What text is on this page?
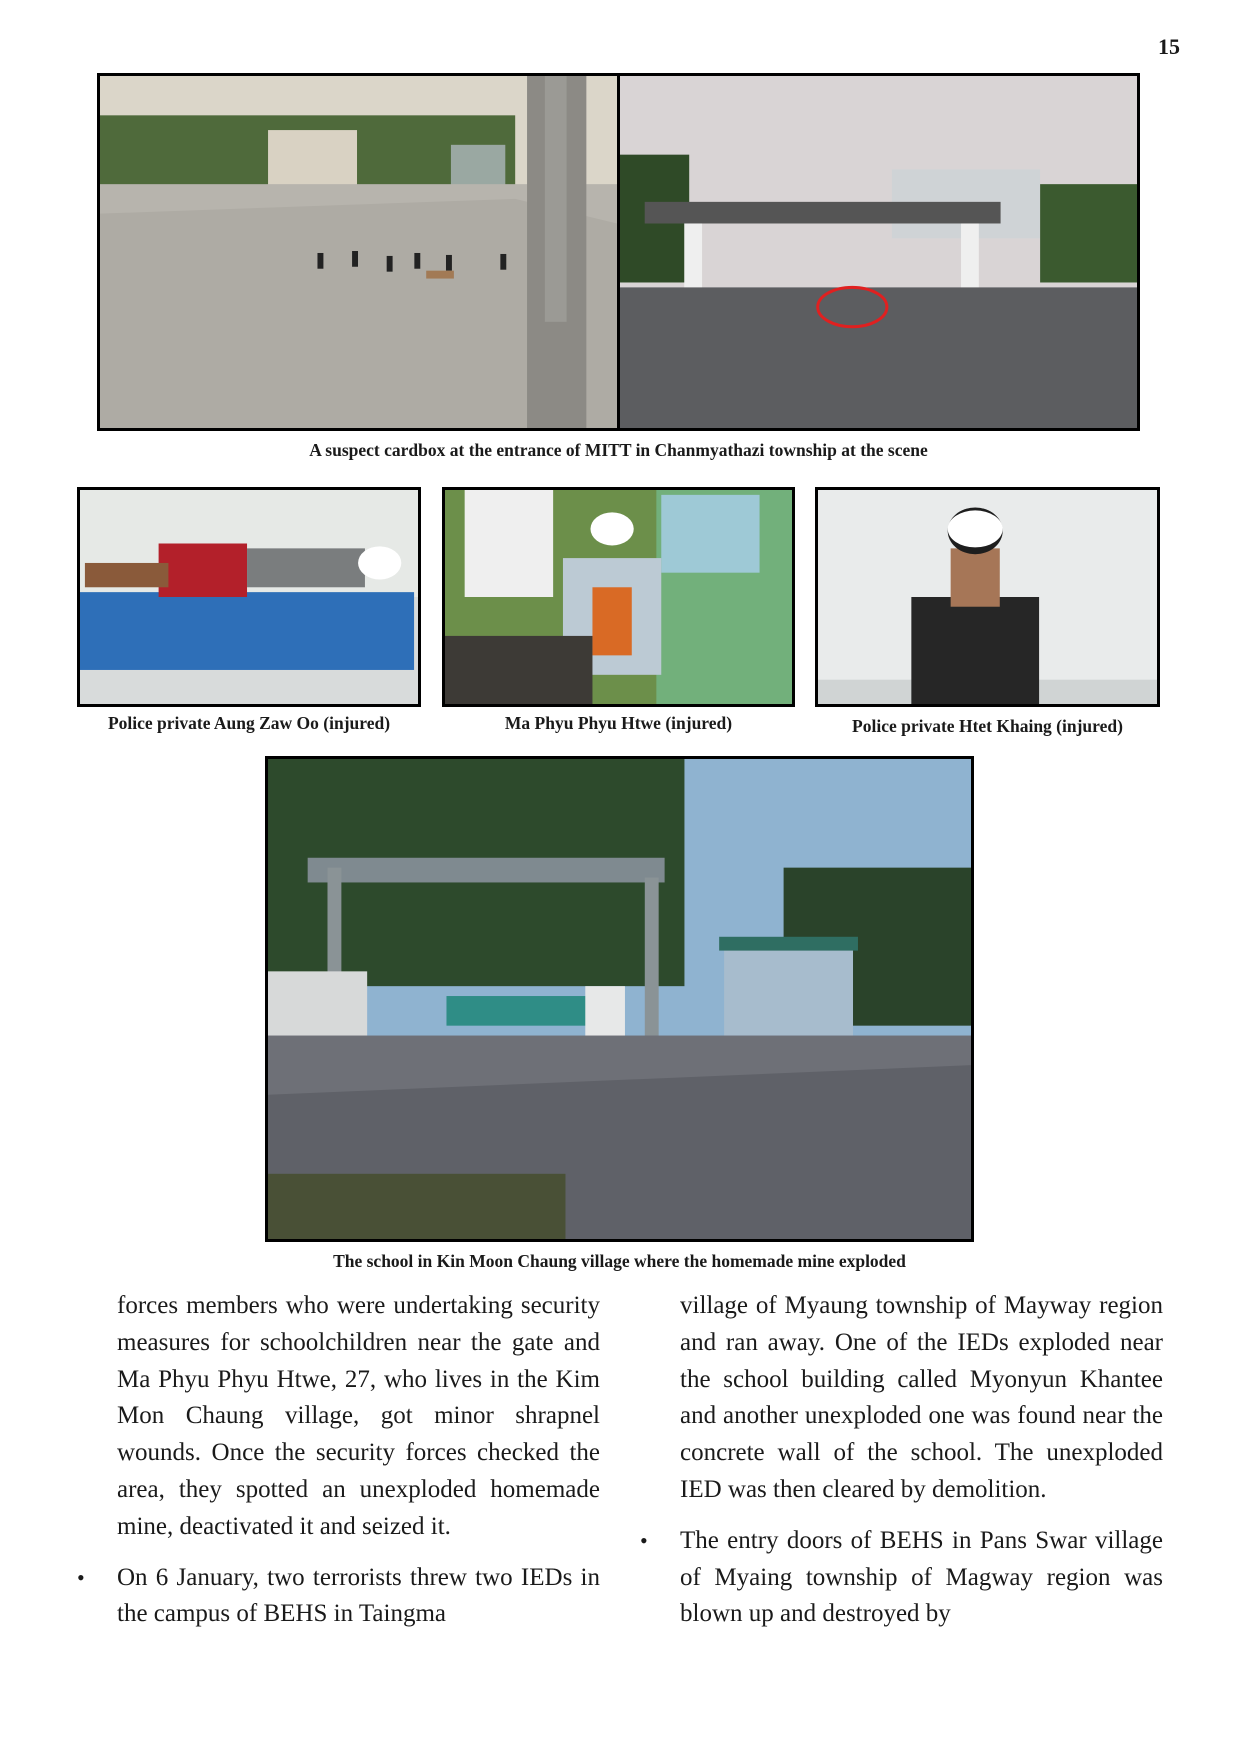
15
A suspect cardbox at the entrance of MITT in Chanmyathazi township at the scene
Police private Aung Zaw Oo (injured)	Ma Phyu Phyu Htwe (injured)	Police private Htet Khaing (injured)
The school in Kin Moon Chaung village where the homemade mine exploded

forces members who were undertaking security measures for schoolchildren near the gate and Ma Phyu Phyu Htwe, 27, who lives in the Kim Mon Chaung village, got minor shrapnel wounds. Once the security forces checked the area, they spotted an unexploded homemade mine, deactivated it and seized it.

• On 6 January, two terrorists threw two IEDs in the campus of BEHS in Taingma

village of Myaung township of Mayway region and ran away. One of the IEDs exploded near the school building called Myonyun Khantee and another unexploded one was found near the concrete wall of the school. The unexploded IED was then cleared by demolition.

• The entry doors of BEHS in Pans Swar village of Myaing township of Magway region was blown up and destroyed by
